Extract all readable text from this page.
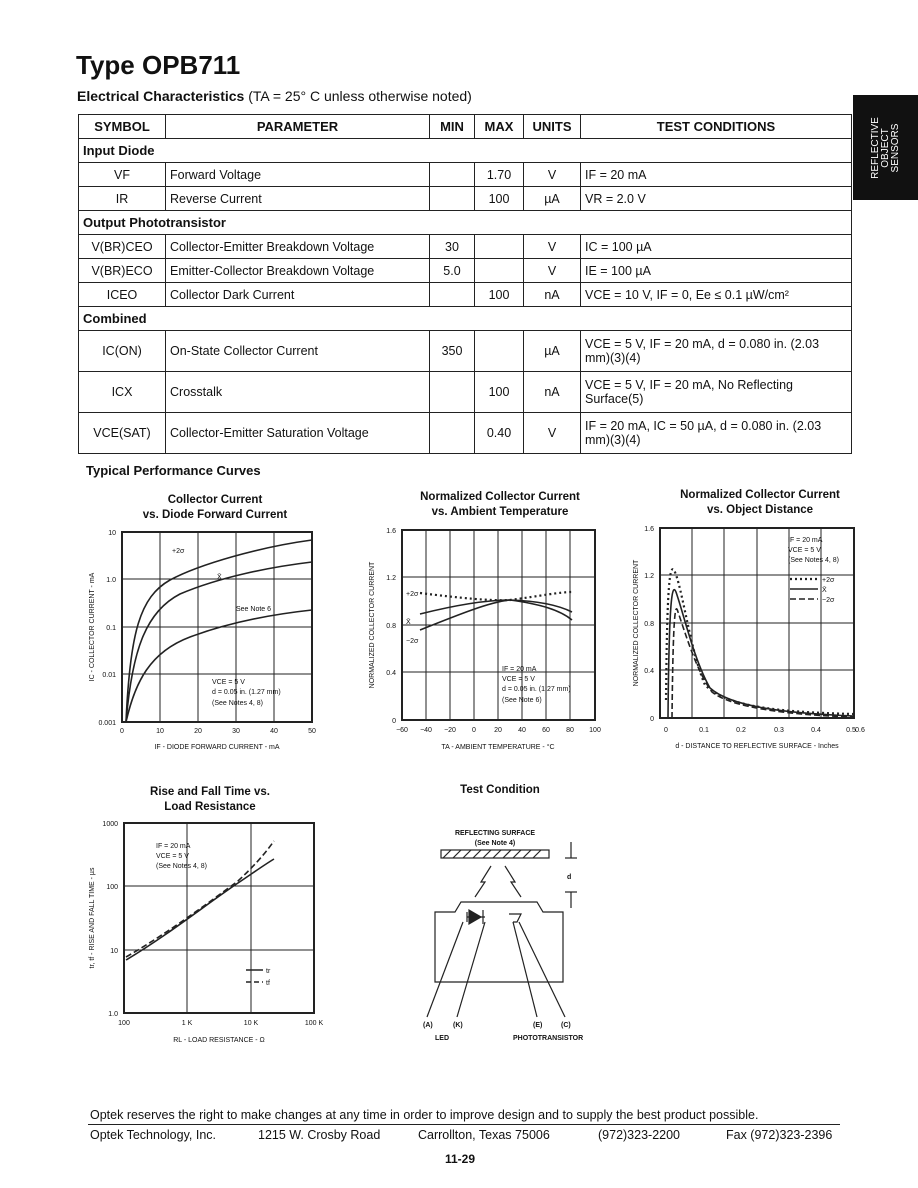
Type OPB711
Electrical Characteristics (TA = 25° C unless otherwise noted)
REFLECTIVE OBJECT SENSORS
SYMBOL	PARAMETER	MIN	MAX	UNITS	TEST CONDITIONS
Input Diode					
VF	Forward Voltage		1.70	V	IF = 20 mA
IR	Reverse Current		100	µA	VR = 2.0 V
Output Phototransistor					
V(BR)CEO	Collector-Emitter Breakdown Voltage	30		V	IC = 100 µA
V(BR)ECO	Emitter-Collector Breakdown Voltage	5.0		V	IE = 100 µA
ICEO	Collector Dark Current		100	nA	VCE = 10 V, IF = 0, Ee ≤ 0.1 µW/cm²
Combined					
IC(ON)	On-State Collector Current	350		µA	VCE = 5 V, IF = 20 mA, d = 0.080 in. (2.03 mm)(3)(4)
ICX	Crosstalk		100	nA	VCE = 5 V, IF = 20 mA, No Reflecting Surface(5)
VCE(SAT)	Collector-Emitter Saturation Voltage		0.40	V	IF = 20 mA, IC = 50 µA, d = 0.080 in. (2.03 mm)(3)(4)
Typical Performance Curves
Collector Current
vs. Diode Forward Current
10
1.0
0.1
0.01
0.001
0	10	20	30	40	50
IF - DIODE FORWARD CURRENT - mA
IC - COLLECTOR CURRENT - mA
+2σ
X̄
See Note 6
VCE = 5 V
d = 0.05 in. (1.27 mm)
(See Notes 4, 8)
Normalized Collector Current
vs. Ambient Temperature
1.6
1.2
0.8
0.4
0
−60 −40 −20 0	20 40 60 80 100
TA - AMBIENT TEMPERATURE - °C
NORMALIZED COLLECTOR CURRENT	+2σ
X̄
−2σ
IF = 20 mA
VCE = 5 V
d = 0.05 in. (1.27 mm)
(See Note 6)
Normalized Collector Current
vs. Object Distance
1.6
1.2
0.8
0.4
0
0	0.1	0.2	0.3	0.4	0.5 0.6
d - DISTANCE TO REFLECTIVE SURFACE - Inches
NORMALIZED COLLECTOR CURRENT
IF = 20 mA
VCE = 5 V
(See Notes 4, 8)
+2σ
X̄
−2σ
Rise and Fall Time vs.
Load Resistance
1000
100
10
1.0
100	1 K	10 K	100 K
RL - LOAD RESISTANCE - Ω
tr, tf - RISE AND FALL TIME - µs
IF = 20 mA
VCE = 5 V
(See Notes 4, 8)
tr
tf
Test Condition
REFLECTING SURFACE
(See Note 4)
d
(A)	(K)	(E)	(C)
LED	PHOTOTRANSISTOR
Optek reserves the right to make changes at any time in order to improve design and to supply the best product possible.
Optek Technology, Inc.	1215 W. Crosby Road	Carrollton, Texas 75006	(972)323-2200	Fax (972)323-2396
11-29
